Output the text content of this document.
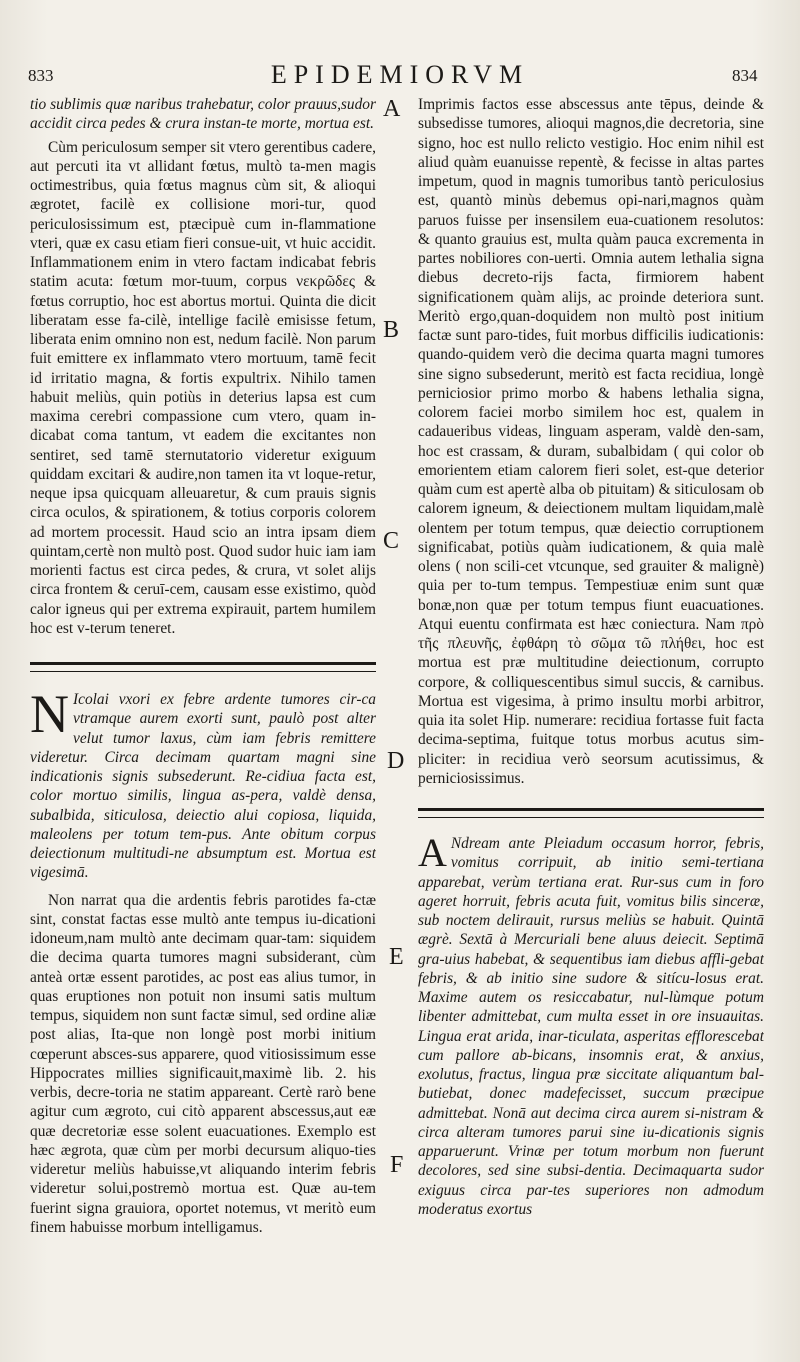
833	EPIDEMIORVM	834
A
B
C
D
E
F

tio sublimis quæ naribus trahebatur, color prauus,sudor accidit circa pedes & crura instan-te morte, mortua est.

Cùm periculosum semper sit vtero gerentibus cadere, aut percuti ita vt allidant fœtus, multò ta-men magis octimestribus, quia fœtus magnus cùm sit, & alioqui ægrotet, facilè ex collisione mori-tur, quod periculosissimum est, ptæcipuè cum in-flammatione vteri, quæ ex casu etiam fieri consue-uit, vt huic accidit. Inflammationem enim in vtero factam indicabat febris statim acuta: fœtum mor-tuum, corpus νεκρῶδες & fœtus corruptio, hoc est abortus mortui. Quinta die dicit liberatam esse fa-cilè, intellige facilè emisisse fetum, liberata enim omnino non est, nedum facilè. Non parum fuit emittere ex inflammato vtero mortuum, tamē fecit id irritatio magna, & fortis expultrix. Nihilo tamen habuit meliùs, quin potiùs in deterius lapsa est cum maxima cerebri compassione cum vtero, quam in-dicabat coma tantum, vt eadem die excitantes non sentiret, sed tamē sternutatorio videretur exiguum quiddam excitari & audire,non tamen ita vt loque-retur, neque ipsa quicquam alleuaretur, & cum prauis signis circa oculos, & spirationem, & totius corporis colorem ad mortem processit. Haud scio an intra ipsam diem quintam,certè non multò post. Quod sudor huic iam iam morienti factus est circa pedes, & crura, vt solet alijs circa frontem & ceruī-cem, causam esse existimo, quòd calor igneus qui per extrema expirauit, partem humilem hoc est v-terum teneret.

N Icolai vxori ex febre ardente tumores cir-ca vtramque aurem exorti sunt, paulò post alter velut tumor laxus, cùm iam febris remittere videretur. Circa decimam quartam magni sine indicationis signis subsederunt. Re-cidiua facta est, color mortuo similis, lingua as-pera, valdè densa, subalbida, siticulosa, deiectio alui copiosa, liquida, maleolens per totum tem-pus. Ante obitum corpus deiectionum multitudi-ne absumptum est. Mortua est vigesimā.

Non narrat qua die ardentis febris parotides fa-ctæ sint, constat factas esse multò ante tempus iu-dicationi idoneum,nam multò ante decimam quar-tam: siquidem die decima quarta tumores magni subsiderant, cùm anteà ortæ essent parotides, ac post eas alius tumor, in quas eruptiones non potuit non insumi satis multum tempus, siquidem non sunt factæ simul, sed ordine aliæ post alias, Ita-que non longè post morbi initium cœperunt absces-sus apparere, quod vitiosissimum esse Hippocrates millies significauit,maximè lib. 2. his verbis, decre-toria ne statim appareant. Certè rarò bene agitur cum ægroto, cui citò apparent abscessus,aut eæ quæ decretoriæ esse solent euacuationes. Exemplo est hæc ægrota, quæ cùm per morbi decursum aliquo-ties videretur meliùs habuisse,vt aliquando interim febris videretur solui,postremò mortua est. Quæ au-tem fuerint signa grauiora, oportet notemus, vt meritò eum finem habuisse morbum intelligamus.

Imprimis factos esse abscessus ante tēpus, deinde & subsedisse tumores, alioqui magnos,die decretoria, sine signo, hoc est nullo relicto vestigio. Hoc enim nihil est aliud quàm euanuisse repentè, & fecisse in altas partes impetum, quod in magnis tumoribus tantò periculosius est, quantò minùs debemus opi-nari,magnos quàm paruos fuisse per insensilem eua-cuationem resolutos: & quanto grauius est, multa quàm pauca excrementa in partes nobiliores con-uerti. Omnia autem lethalia signa diebus decreto-rijs facta, firmiorem habent significationem quàm alijs, ac proinde deteriora sunt. Meritò ergo,quan-doquidem non multò post initium factæ sunt paro-tides, fuit morbus difficilis iudicationis: quando-quidem verò die decima quarta magni tumores sine signo subsederunt, meritò est facta recidiua, longè perniciosior primo morbo & habens lethalia signa, colorem faciei morbo similem hoc est, qualem in cadaueribus videas, linguam asperam, valdè den-sam, hoc est crassam, & duram, subalbidam ( qui color ob emorientem etiam calorem fieri solet, est-que deterior quàm cum est apertè alba ob pituitam) & siticulosam ob calorem igneum, & deiectionem multam liquidam,malè olentem per totum tempus, quæ deiectio corruptionem significabat, potiùs quàm iudicationem, & quia malè olens ( non scili-cet vtcunque, sed grauiter & malignè) quia per to-tum tempus. Tempestiuæ enim sunt quæ bonæ,non quæ per totum tempus fiunt euacuationes. Atqui euentu confirmata est hæc coniectura. Nam πρὸ τῆς πλευνῆς, ἐφθάρη τὸ σῶμα τῶ πλήθει, hoc est mortua est præ multitudine deiectionum, corrupto corpore, & colliquescentibus simul succis, & carnibus. Mortua est vigesima, à primo insultu morbi arbitror, quia ita solet Hip. numerare: recidiua fortasse fuit facta decima-septima, fuitque totus morbus acutus sim-pliciter: in recidiua verò seorsum acutissimus, & perniciosissimus.

A Ndream ante Pleiadum occasum horror, febris, vomitus corripuit, ab initio semi-tertiana apparebat, verùm tertiana erat. Rur-sus cum in foro ageret horruit, febris acuta fuit, vomitus bilis sinceræ, sub noctem delirauit, rursus meliùs se habuit. Quintā ægrè. Sextā à Mercuriali bene aluus deiecit. Septimā gra-uius habebat, & sequentibus iam diebus affli-gebat febris, & ab initio sine sudore & sitícu-losus erat. Maxime autem os resiccabatur, nul-lùmque potum libenter admittebat, cum multa esset in ore insuauitas. Lingua erat arida, inar-ticulata, asperitas efflorescebat cum pallore ab-bicans, insomnis erat, & anxius, exolutus, fractus, lingua præ siccitate aliquantum bal-butiebat, donec madefecisset, succum præcipue admittebat. Nonā aut decima circa aurem si-nistram & circa alteram tumores parui sine iu-dicationis signis apparuerunt. Vrinæ per totum morbum non fuerunt decolores, sed sine subsi-dentia. Decimaquarta sudor exiguus circa par-tes superiores non admodum moderatus exortus
